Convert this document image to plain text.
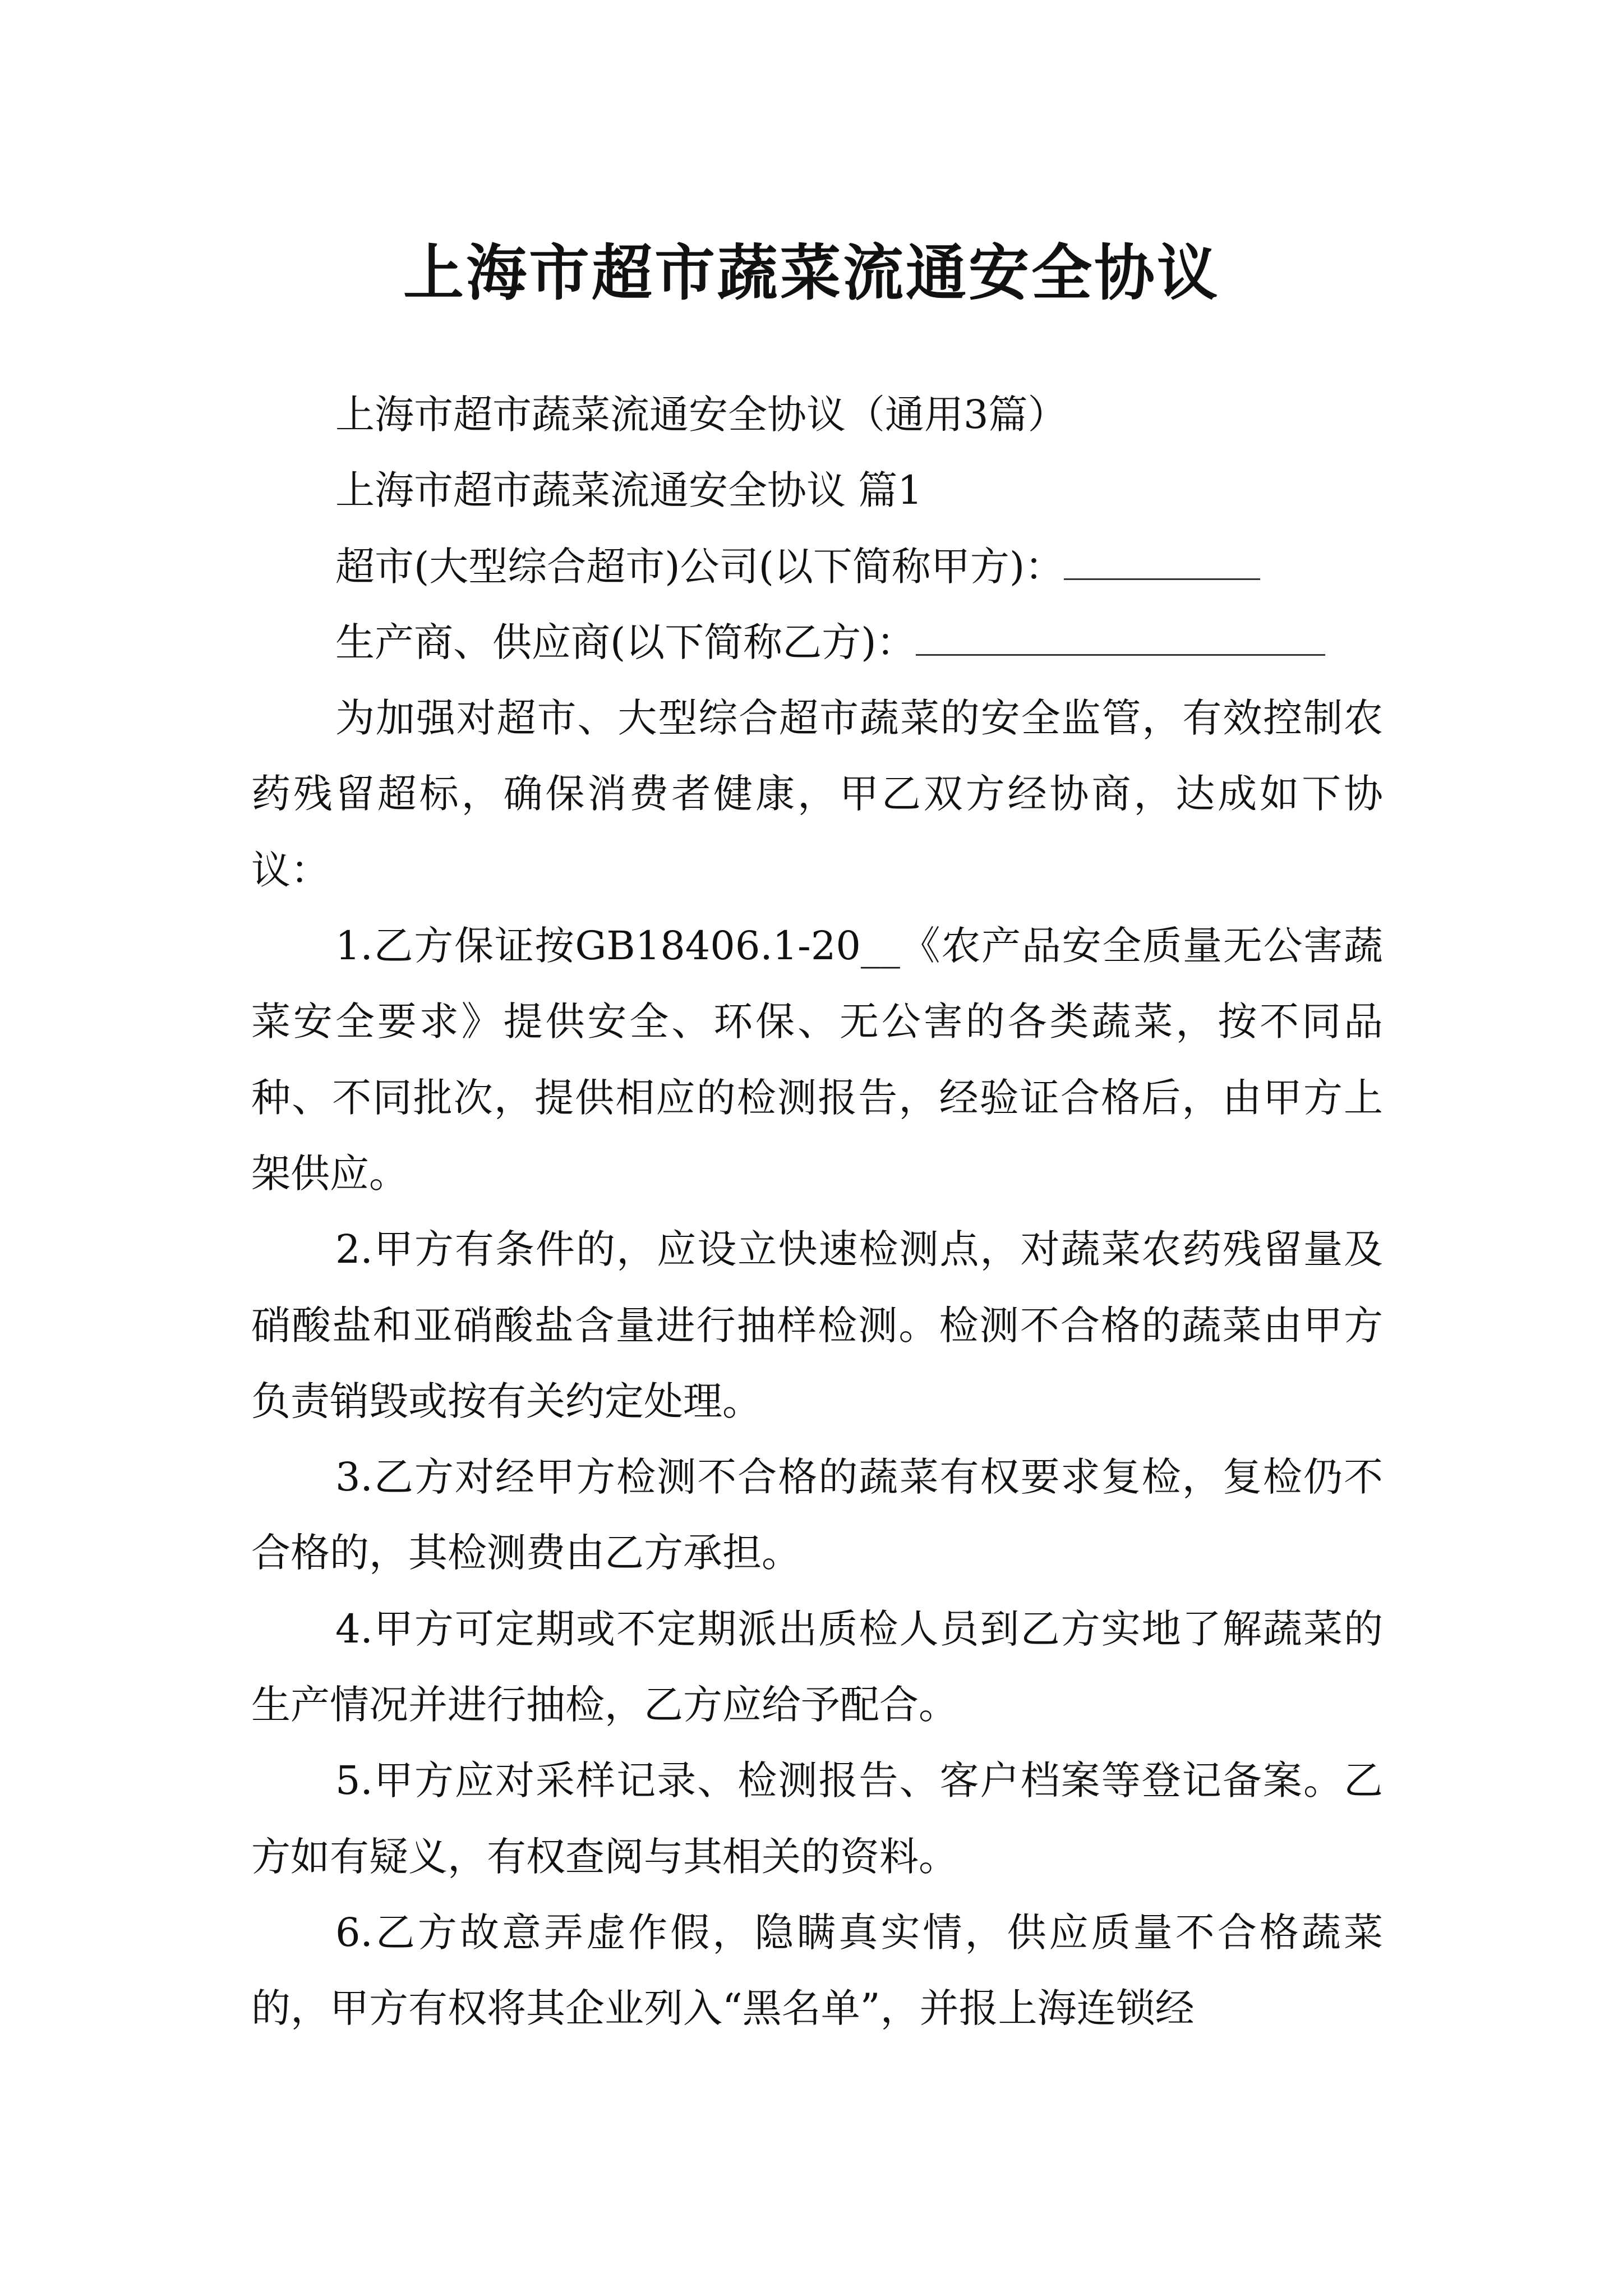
上海市超市蔬菜流通安全协议

上海市超市蔬菜流通安全协议（通用3篇）

上海市超市蔬菜流通安全协议 篇1

超市(大型综合超市)公司(以下简称甲方)：

生产商、供应商(以下简称乙方)：

为加强对超市、大型综合超市蔬菜的安全监管，有效控制农药残留超标，确保消费者健康，甲乙双方经协商，达成如下协议：

1.乙方保证按GB18406.1-20__《农产品安全质量无公害蔬菜安全要求》提供安全、环保、无公害的各类蔬菜，按不同品种、不同批次，提供相应的检测报告，经验证合格后，由甲方上架供应。

2.甲方有条件的，应设立快速检测点，对蔬菜农药残留量及硝酸盐和亚硝酸盐含量进行抽样检测。检测不合格的蔬菜由甲方负责销毁或按有关约定处理。

3.乙方对经甲方检测不合格的蔬菜有权要求复检，复检仍不合格的，其检测费由乙方承担。

4.甲方可定期或不定期派出质检人员到乙方实地了解蔬菜的生产情况并进行抽检，乙方应给予配合。

5.甲方应对采样记录、检测报告、客户档案等登记备案。乙方如有疑义，有权查阅与其相关的资料。

6.乙方故意弄虚作假，隐瞒真实情，供应质量不合格蔬菜的，甲方有权将其企业列入“黑名单”，并报上海连锁经
